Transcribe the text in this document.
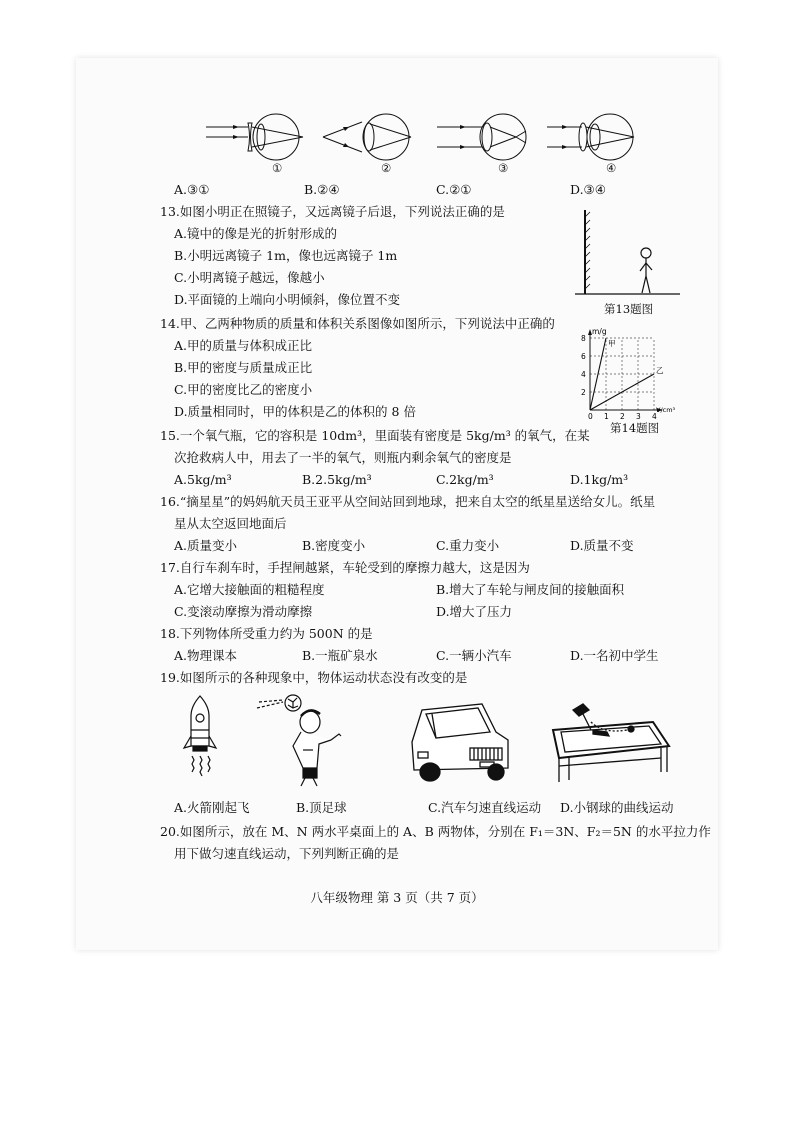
①	②	③	④
A.③①	B.②④	C.②①	D.③④
13.如图小明正在照镜子，又远离镜子后退，下列说法正确的是
A.镜中的像是光的折射形成的
B.小明远离镜子 1m，像也远离镜子 1m
C.小明离镜子越远，像越小
D.平面镜的上端向小明倾斜，像位置不变
第13题图
14.甲、乙两种物质的质量和体积关系图像如图所示，下列说法中正确的
A.甲的质量与体积成正比
B.甲的密度与质量成正比
C.甲的密度比乙的密度小
D.质量相同时，甲的体积是乙的体积的 8 倍
甲
乙
0 1 2 3 4
2
4
6
8
m/g
V/cm³
第14题图
15.一个氧气瓶，它的容积是 10dm³，里面装有密度是 5kg/m³ 的氧气，在某
次抢救病人中，用去了一半的氧气，则瓶内剩余氧气的密度是
A.5kg/m³	B.2.5kg/m³	C.2kg/m³	D.1kg/m³
16.“摘星星”的妈妈航天员王亚平从空间站回到地球，把来自太空的纸星星送给女儿。纸星
星从太空返回地面后
A.质量变小	B.密度变小	C.重力变小	D.质量不变
17.自行车刹车时，手捏闸越紧，车轮受到的摩擦力越大，这是因为
A.它增大接触面的粗糙程度	B.增大了车轮与闸皮间的接触面积
C.变滚动摩擦为滑动摩擦	D.增大了压力
18.下列物体所受重力约为 500N 的是
A.物理课本	B.一瓶矿泉水	C.一辆小汽车	D.一名初中学生
19.如图所示的各种现象中，物体运动状态没有改变的是
A.火箭刚起飞	B.顶足球	C.汽车匀速直线运动 D.小钢球的曲线运动
20.如图所示，放在 M、N 两水平桌面上的 A、B 两物体，分别在 F₁＝3N、F₂＝5N 的水平拉力作
用下做匀速直线运动，下列判断正确的是
八年级物理 第 3 页（共 7 页）
